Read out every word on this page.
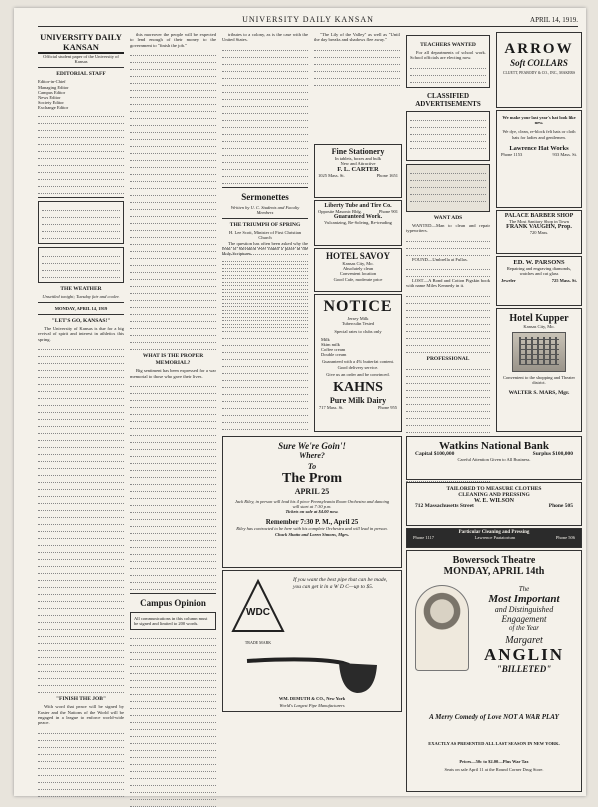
UNIVERSITY DAILY KANSAN	APRIL 14, 1919.
UNIVERSITY DAILY KANSAN
Official student paper of the University of Kansas
EDITORIAL STAFF
Editor-in-Chief
Managing Editor
Campus Editor
News Editor
Society Editor
Exchange Editor
THE WEATHER
Unsettled tonight; Tuesday fair and cooler.
MONDAY, APRIL 14, 1919
"LET'S GO, KANSAS!"

The University of Kansas is due for a big revival of spirit and interest in athletics this spring.

"FINISH THE JOB"

With word that peace will be signed by Easter and the Nations of the World will be engaged in a league to enforce world-wide peace.

this moreover the people will be expected to lend enough of their money to the government to "finish the job."

WHAT IS THE PROPER MEMORIAL?

Big sentiment has been expressed for a war memorial to those who gave their lives.

Campus Opinion
All communications in this column must be signed and limited to 200 words.

tributes to a colony, as is the case with the United States.

Sermonettes
Written by U. C. Students and Faculty Members
THE TRIUMPH OF SPRING
H. Lee Scott, Minister of First Christian Church

The question has often been asked why the feast of Salvation ever found a place in the Holy Scriptures.

"The Lily of the Valley" as well as "Until the day breaks and shadows flee away."

Fine Stationery
In tablets, boxes and bulk
New and Attractive
F. L. CARTER
1025 Mass. St.	Phone 1651
Liberty Tube and Tire Co.
Opposite Masonic Bldg.	Phone 901
Guaranteed Work.
Vulcanizing, Re-Soleing, Re-treading
HOTEL SAVOY
Kansas City, Mo.
Absolutely clean
Convenient location
Good Cafe, moderate price
NOTICE
Jersey Milk
Tuberculin Tested
Special rates to clubs only
Milk
Skim milk
Coffee cream
Double cream
Guaranteed with a 4% butterfat content. Good delivery service.
Give us an order and be convinced.
KAHNS
Pure Milk Dairy
717 Mass. St.	Phone 955
TEACHERS WANTED

For all departments of school work. School officials are electing now.

CLASSIFIED ADVERTISEMENTS
WANT ADS

WANTED—Man to clean and repair typewriters.

FOUND—Umbrella at Fullas.

LOST—A Bond and Cotton Pigskin book with name Miles Kennedy in it.

PROFESSIONAL
ARROW
Soft COLLARS
CLUETT, PEABODY & CO., INC., MAKERS
We make your last year's hat look like new.
We dye, clean, re-block felt hats or cloth hats for ladies and gentlemen.
Lawrence Hat Works
Phone 1153	933 Mass. St.
PALACE BARBER SHOP
The Most Sanitary Shop in Town
FRANK VAUGHN, Prop.
720 Mass.
ED. W. PARSONS
Repairing and engraving diamonds, watches and cut glass
Jeweler	725 Mass. St.
Hotel Kupper
Kansas City, Mo.
Convenient to the shopping and Theater district.
WALTER S. MARS, Mgr.
Watkins National Bank
Capital $100,000	Surplus $100,000
Careful Attention Given to All Business.
TAILORED TO MEASURE CLOTHES
CLEANING AND PRESSING
W. E. WILSON
712 Massachusetts Street	Phone 505
Particular Cleaning and Pressing
Phone 1117	Lawrence Paatatorium	Phone 506
Sure We're Goin'!
Where?
To
The Prom
APRIL 25
Jack Riley, in person will lead his 4 piece Pennsylvania Room Orchestra and dancing will start at 7:30 p.m.
Tickets on sale at $4.00 now.
Remember 7:30 P. M., April 25
Riley has contracted to be here with his complete Orchestra and will lead in person.
Chuck Shatto and Loren Simons, Mgrs.
WDC
TRADE MARK
If you want the best pipe that can be made, you can get it in a W D C—up to $5.
WM. DEMUTH & CO., New York
World's Largest Pipe Manufacturers
Bowersock Theatre
MONDAY, APRIL 14th
The
Most Important
and Distinguished
Engagement
of the Year
Margaret
ANGLIN
"BILLETED"
A Merry Comedy of Love NOT A WAR PLAY
EXACTLY AS PRESENTED ALL LAST SEASON IN NEW YORK.
Prices—50c to $2.00—Plus War Tax
Seats on sale April 11 at the Round Corner Drug Store.
